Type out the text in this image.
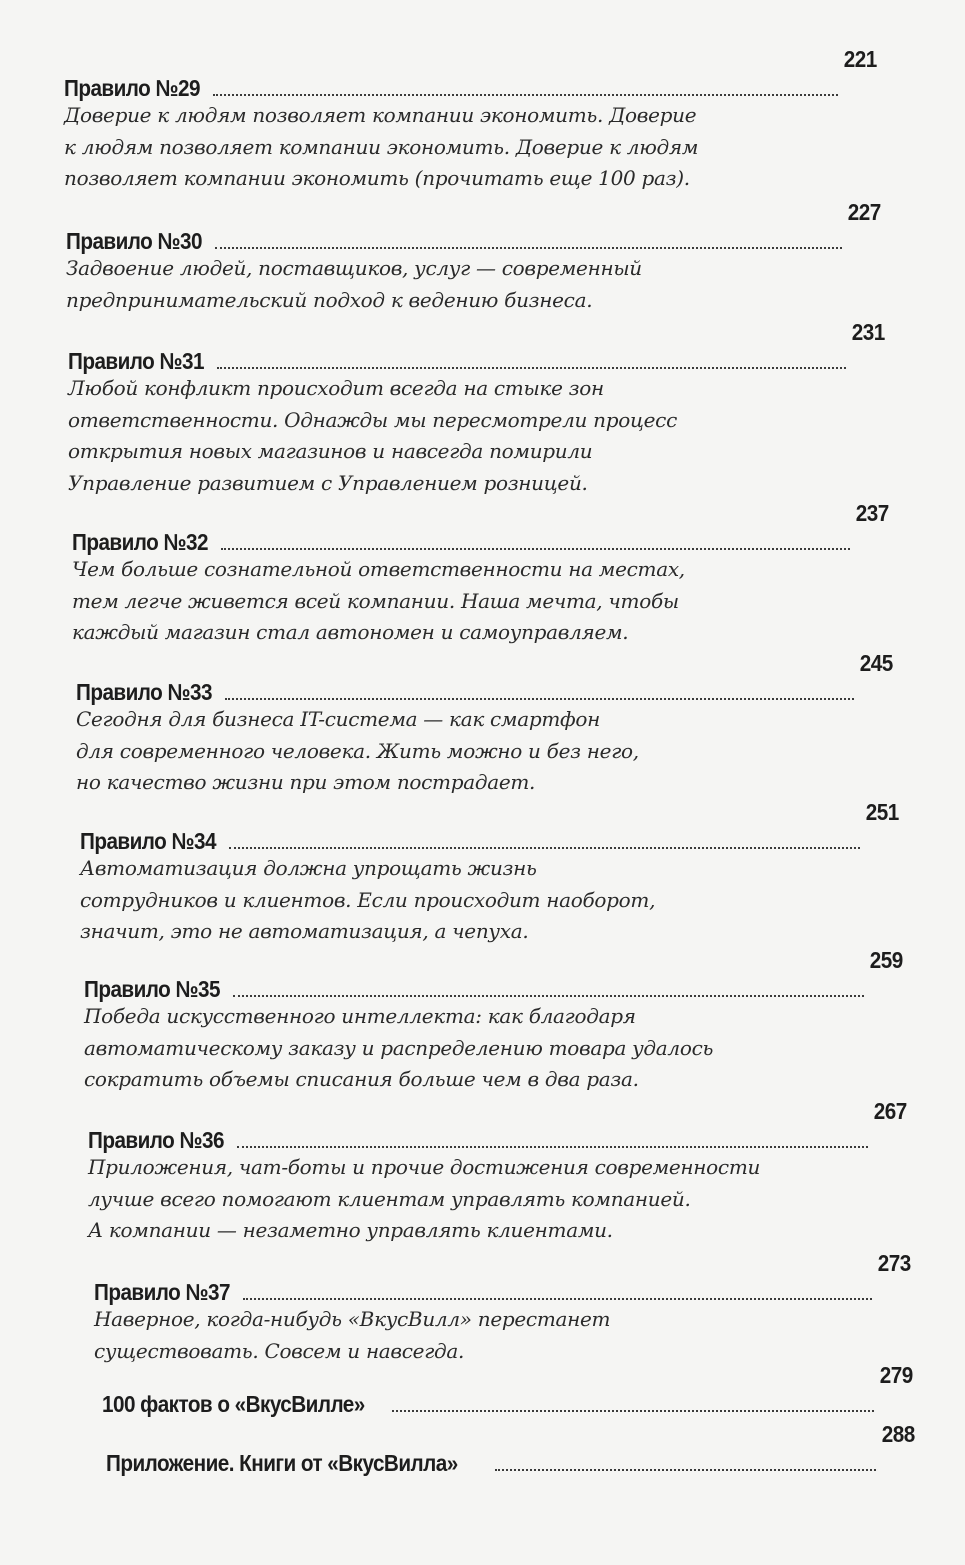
Правило №29
221
Доверие к людям позволяет компании экономить. Доверие
к людям позволяет компании экономить. Доверие к людям
позволяет компании экономить (прочитать еще 100 раз).
Правило №30
227
Задвоение людей, поставщиков, услуг — современный
предпринимательский подход к ведению бизнеса.
Правило №31
231
Любой конфликт происходит всегда на стыке зон
ответственности. Однажды мы пересмотрели процесс
открытия новых магазинов и навсегда помирили
Управление развитием с Управлением розницей.
Правило №32
237
Чем больше сознательной ответственности на местах,
тем легче живется всей компании. Наша мечта, чтобы
каждый магазин стал автономен и самоуправляем.
Правило №33
245
Сегодня для бизнеса IT-система — как смартфон
для современного человека. Жить можно и без него,
но качество жизни при этом пострадает.
Правило №34
251
Автоматизация должна упрощать жизнь
сотрудников и клиентов. Если происходит наоборот,
значит, это не автоматизация, а чепуха.
Правило №35
259
Победа искусственного интеллекта: как благодаря
автоматическому заказу и распределению товара удалось
сократить объемы списания больше чем в два раза.
Правило №36
267
Приложения, чат-боты и прочие достижения современности
лучше всего помогают клиентам управлять компанией.
А компании — незаметно управлять клиентами.
Правило №37
273
Наверное, когда-нибудь «ВкусВилл» перестанет
существовать. Совсем и навсегда.
100 фактов о «ВкусВилле»
279
Приложение. Книги от «ВкусВилла»
288
